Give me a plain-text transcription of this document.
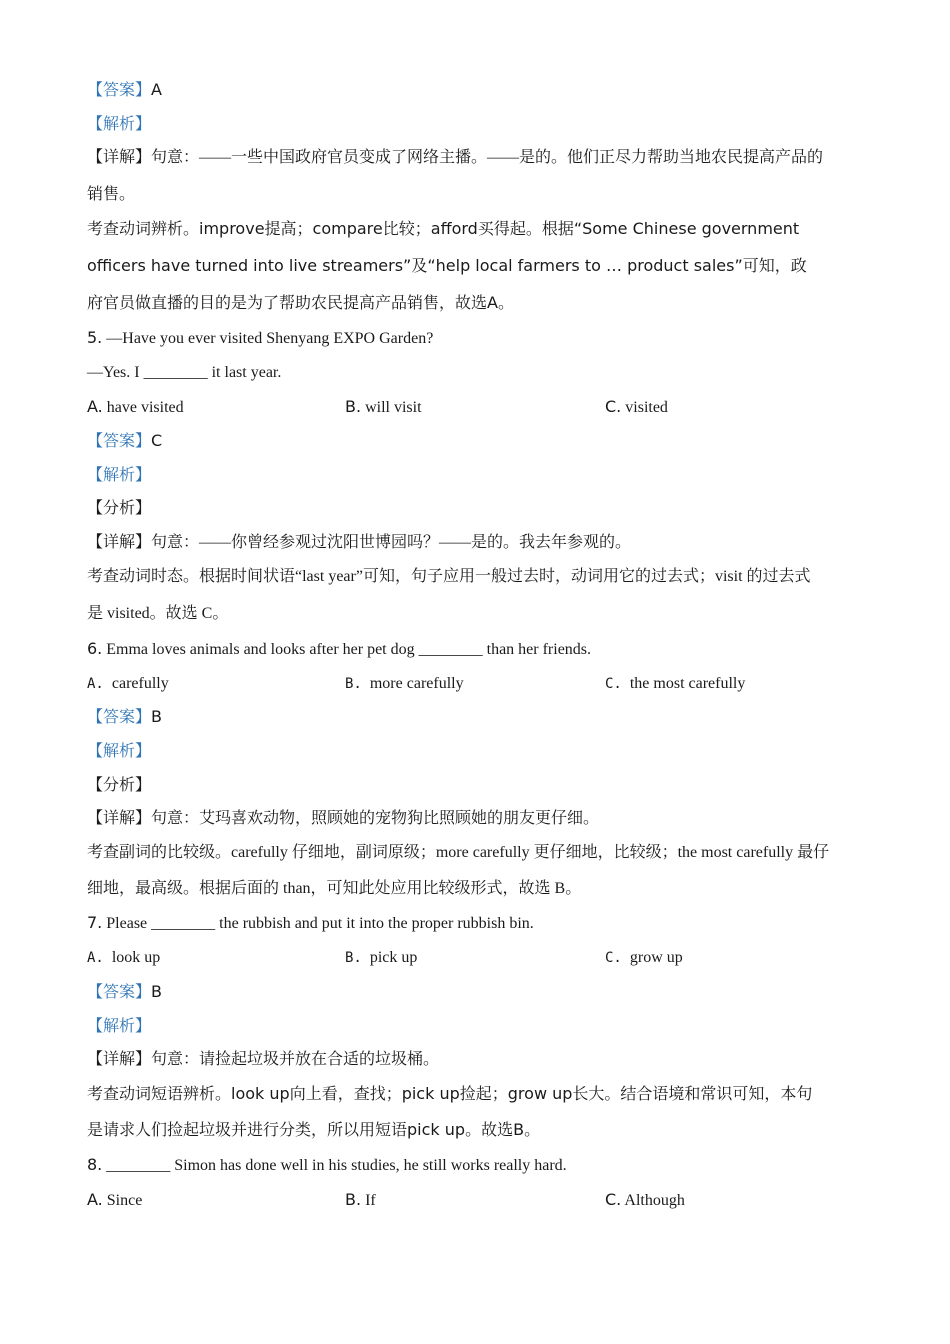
【答案】A
【解析】
【详解】句意：——一些中国政府官员变成了网络主播。——是的。他们正尽力帮助当地农民提高产品的
销售。
考查动词辨析。improve提高；compare比较；afford买得起。根据“Some Chinese government
officers have turned into live streamers”及“help local farmers to … product sales”可知，政
府官员做直播的目的是为了帮助农民提高产品销售，故选A。
5. —Have you ever visited Shenyang EXPO Garden?
—Yes. I ________ it last year.
A. have visited	B. will visit	C. visited
【答案】C
【解析】
【分析】
【详解】句意：——你曾经参观过沈阳世博园吗？——是的。我去年参观的。
考查动词时态。根据时间状语“last year”可知，句子应用一般过去时，动词用它的过去式；visit 的过去式
是 visited。故选 C。
6. Emma loves animals and looks after her pet dog ________ than her friends.
A. carefully	B. more carefully	C. the most carefully
【答案】B
【解析】
【分析】
【详解】句意：艾玛喜欢动物，照顾她的宠物狗比照顾她的朋友更仔细。
考查副词的比较级。carefully 仔细地，副词原级；more carefully 更仔细地，比较级；the most carefully 最仔
细地，最高级。根据后面的 than，可知此处应用比较级形式，故选 B。
7. Please ________ the rubbish and put it into the proper rubbish bin.
A. look up	B. pick up	C. grow up
【答案】B
【解析】
【详解】句意：请捡起垃圾并放在合适的垃圾桶。
考查动词短语辨析。look up向上看，查找；pick up捡起；grow up长大。结合语境和常识可知，本句
是请求人们捡起垃圾并进行分类，所以用短语pick up。故选B。
8. ________ Simon has done well in his studies, he still works really hard.
A. Since	B. If	C. Although
